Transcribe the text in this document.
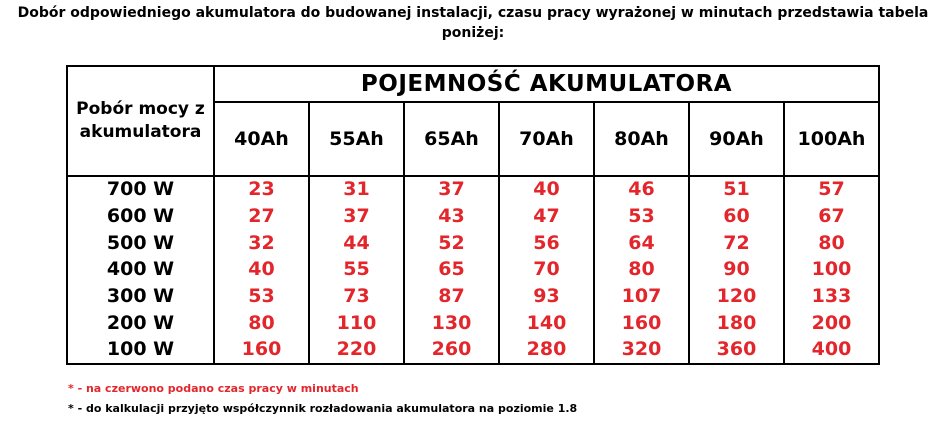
Dobór odpowiedniego akumulatora do budowanej instalacji, czasu pracy wyrażonej w minutach przedstawia tabela poniżej:
Pobór mocy z akumulatora	POJEMNOŚĆ AKUMULATORA						
	40Ah	55Ah	65Ah	70Ah	80Ah	90Ah	100Ah
700 W	23	31	37	40	46	51	57
600 W	27	37	43	47	53	60	67
500 W	32	44	52	56	64	72	80
400 W	40	55	65	70	80	90	100
300 W	53	73	87	93	107	120	133
200 W	80	110	130	140	160	180	200
100 W	160	220	260	280	320	360	400
* - na czerwono podano czas pracy w minutach
* - do kalkulacji przyjęto współczynnik rozładowania akumulatora na poziomie 1.8
